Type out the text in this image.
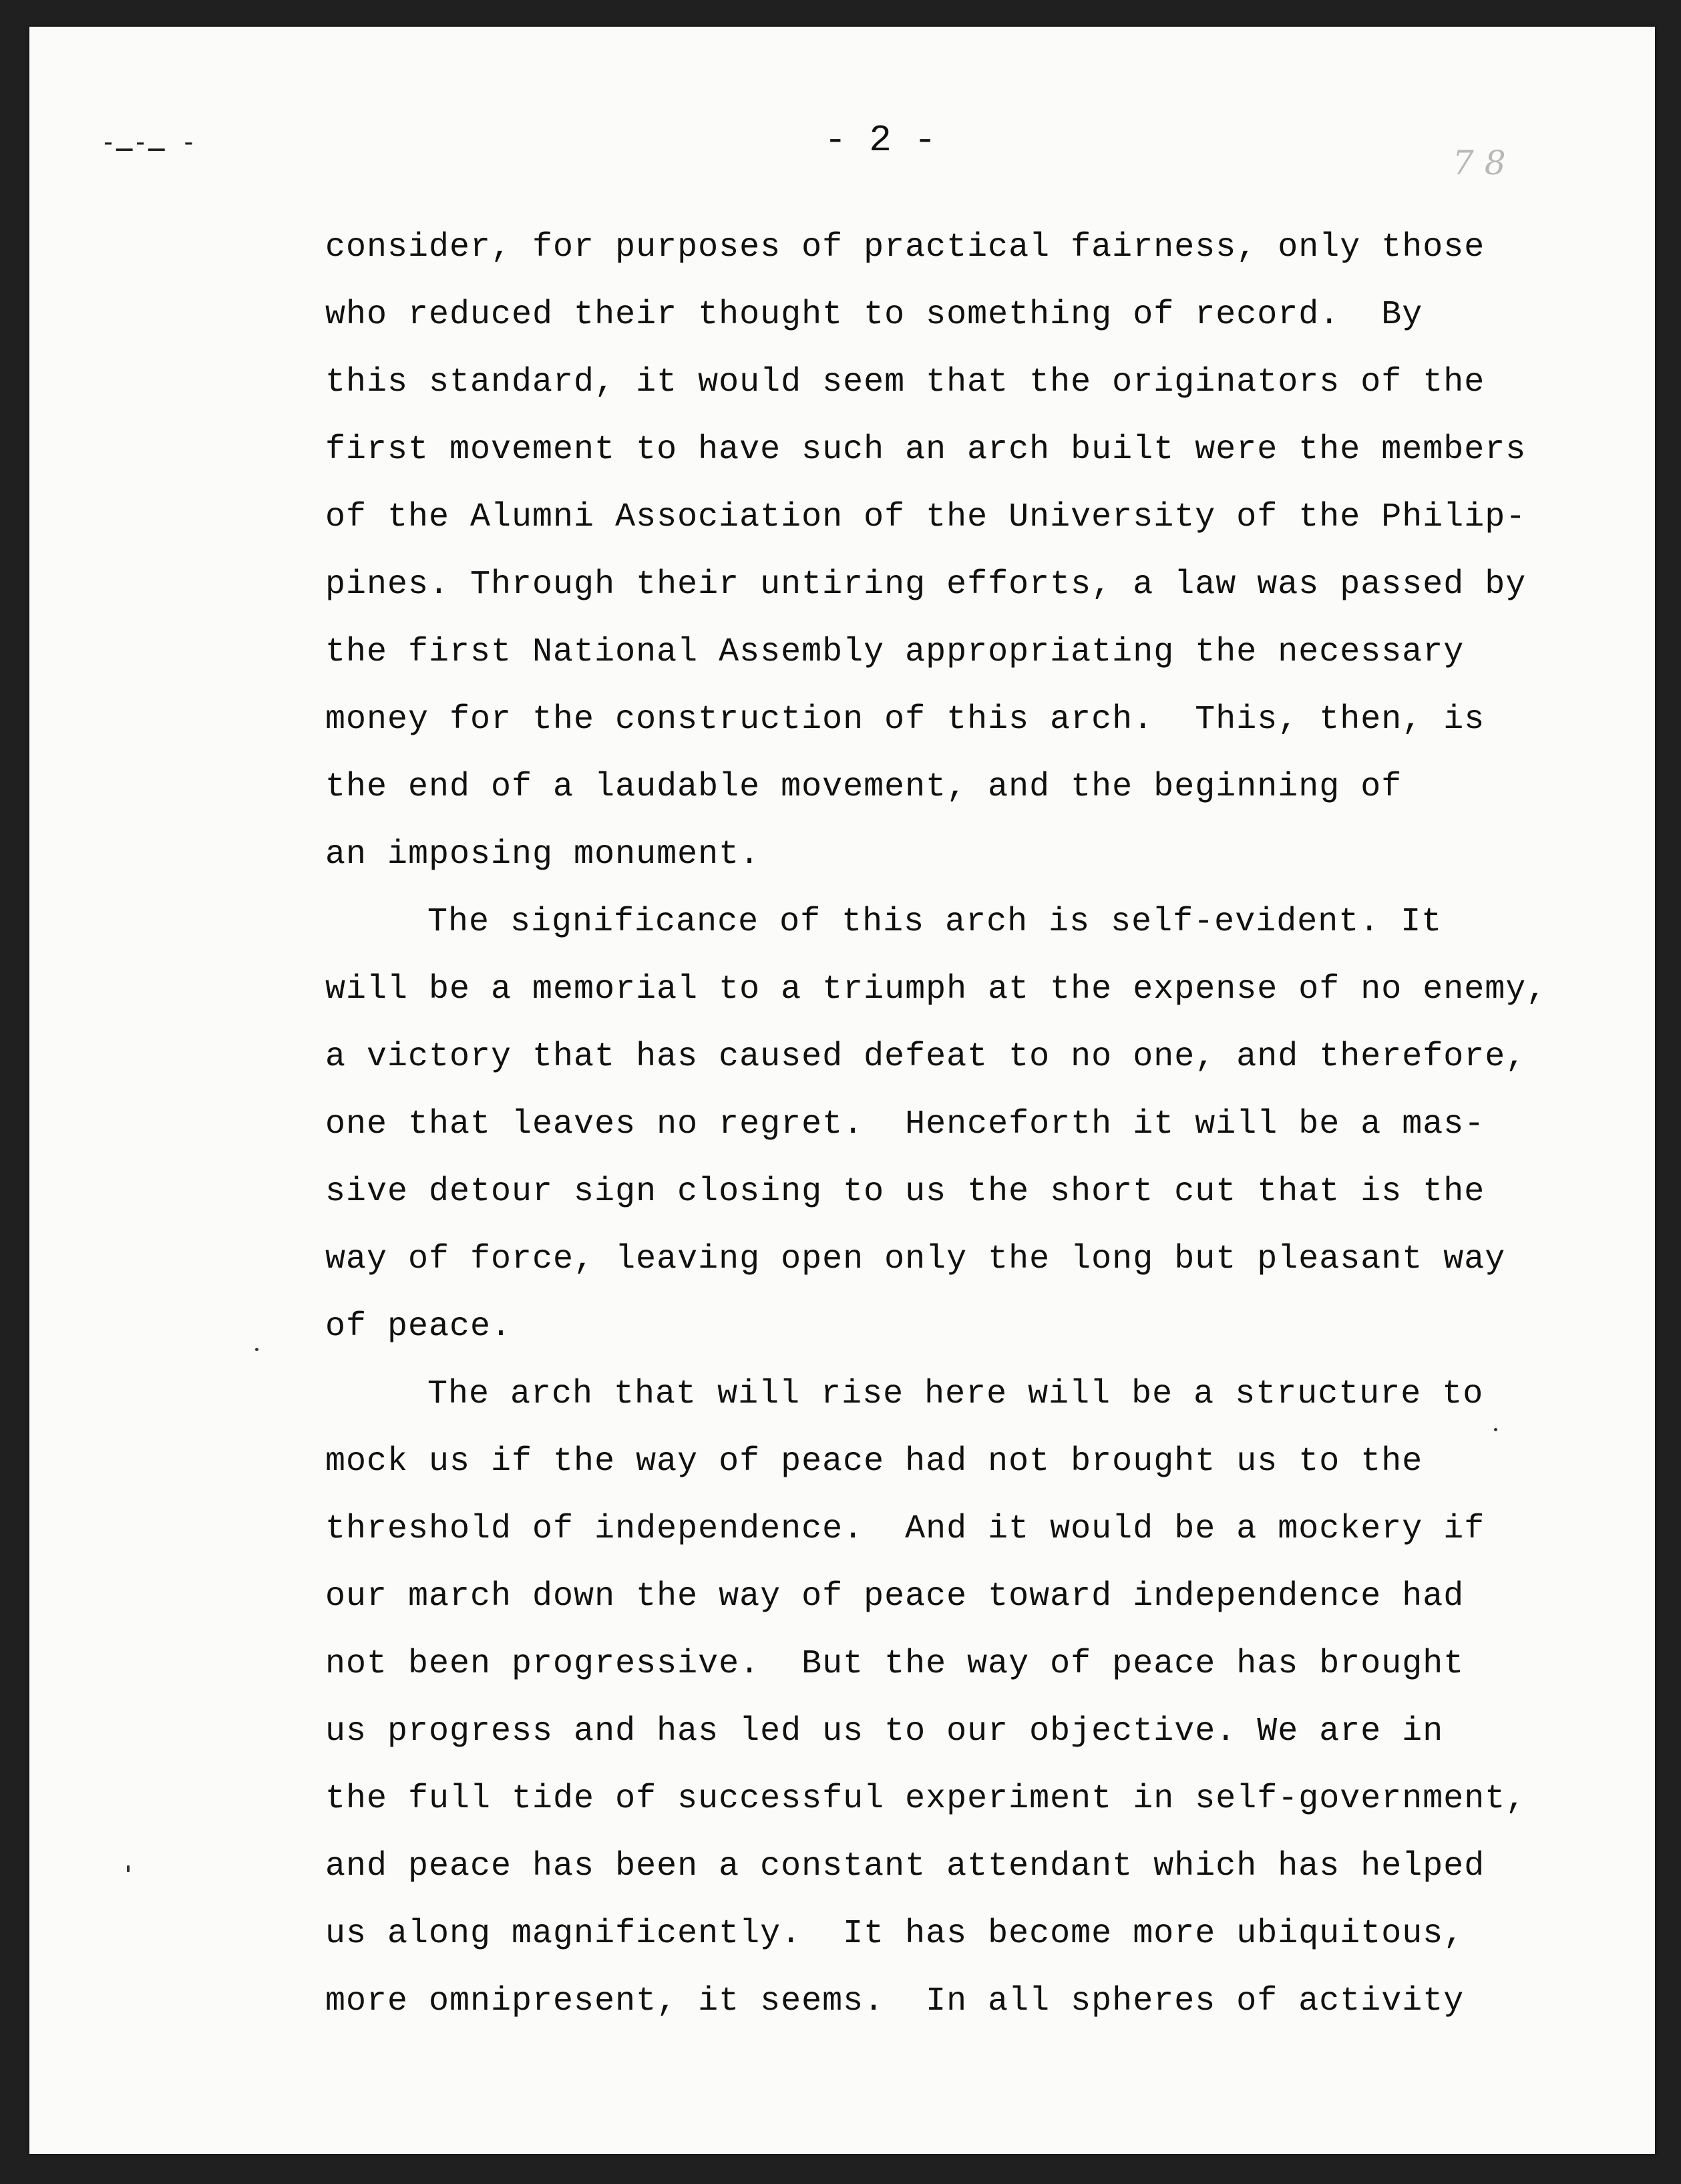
-ـ-ـ -
7 8
- 2 -
consider, for purposes of practical fairness, only those
who reduced their thought to something of record.  By
this standard, it would seem that the originators of the
first movement to have such an arch built were the members
of the Alumni Association of the University of the Philip-
pines. Through their untiring efforts, a law was passed by
the first National Assembly appropriating the necessary
money for the construction of this arch.  This, then, is
the end of a laudable movement, and the beginning of
an imposing monument.
The significance of this arch is self-evident. It
will be a memorial to a triumph at the expense of no enemy,
a victory that has caused defeat to no one, and therefore,
one that leaves no regret.  Henceforth it will be a mas-
sive detour sign closing to us the short cut that is the
way of force, leaving open only the long but pleasant way
of peace.
The arch that will rise here will be a structure to
mock us if the way of peace had not brought us to the
threshold of independence.  And it would be a mockery if
our march down the way of peace toward independence had
not been progressive.  But the way of peace has brought
us progress and has led us to our objective. We are in
the full tide of successful experiment in self-government,
and peace has been a constant attendant which has helped
us along magnificently.  It has become more ubiquitous,
more omnipresent, it seems.  In all spheres of activity
